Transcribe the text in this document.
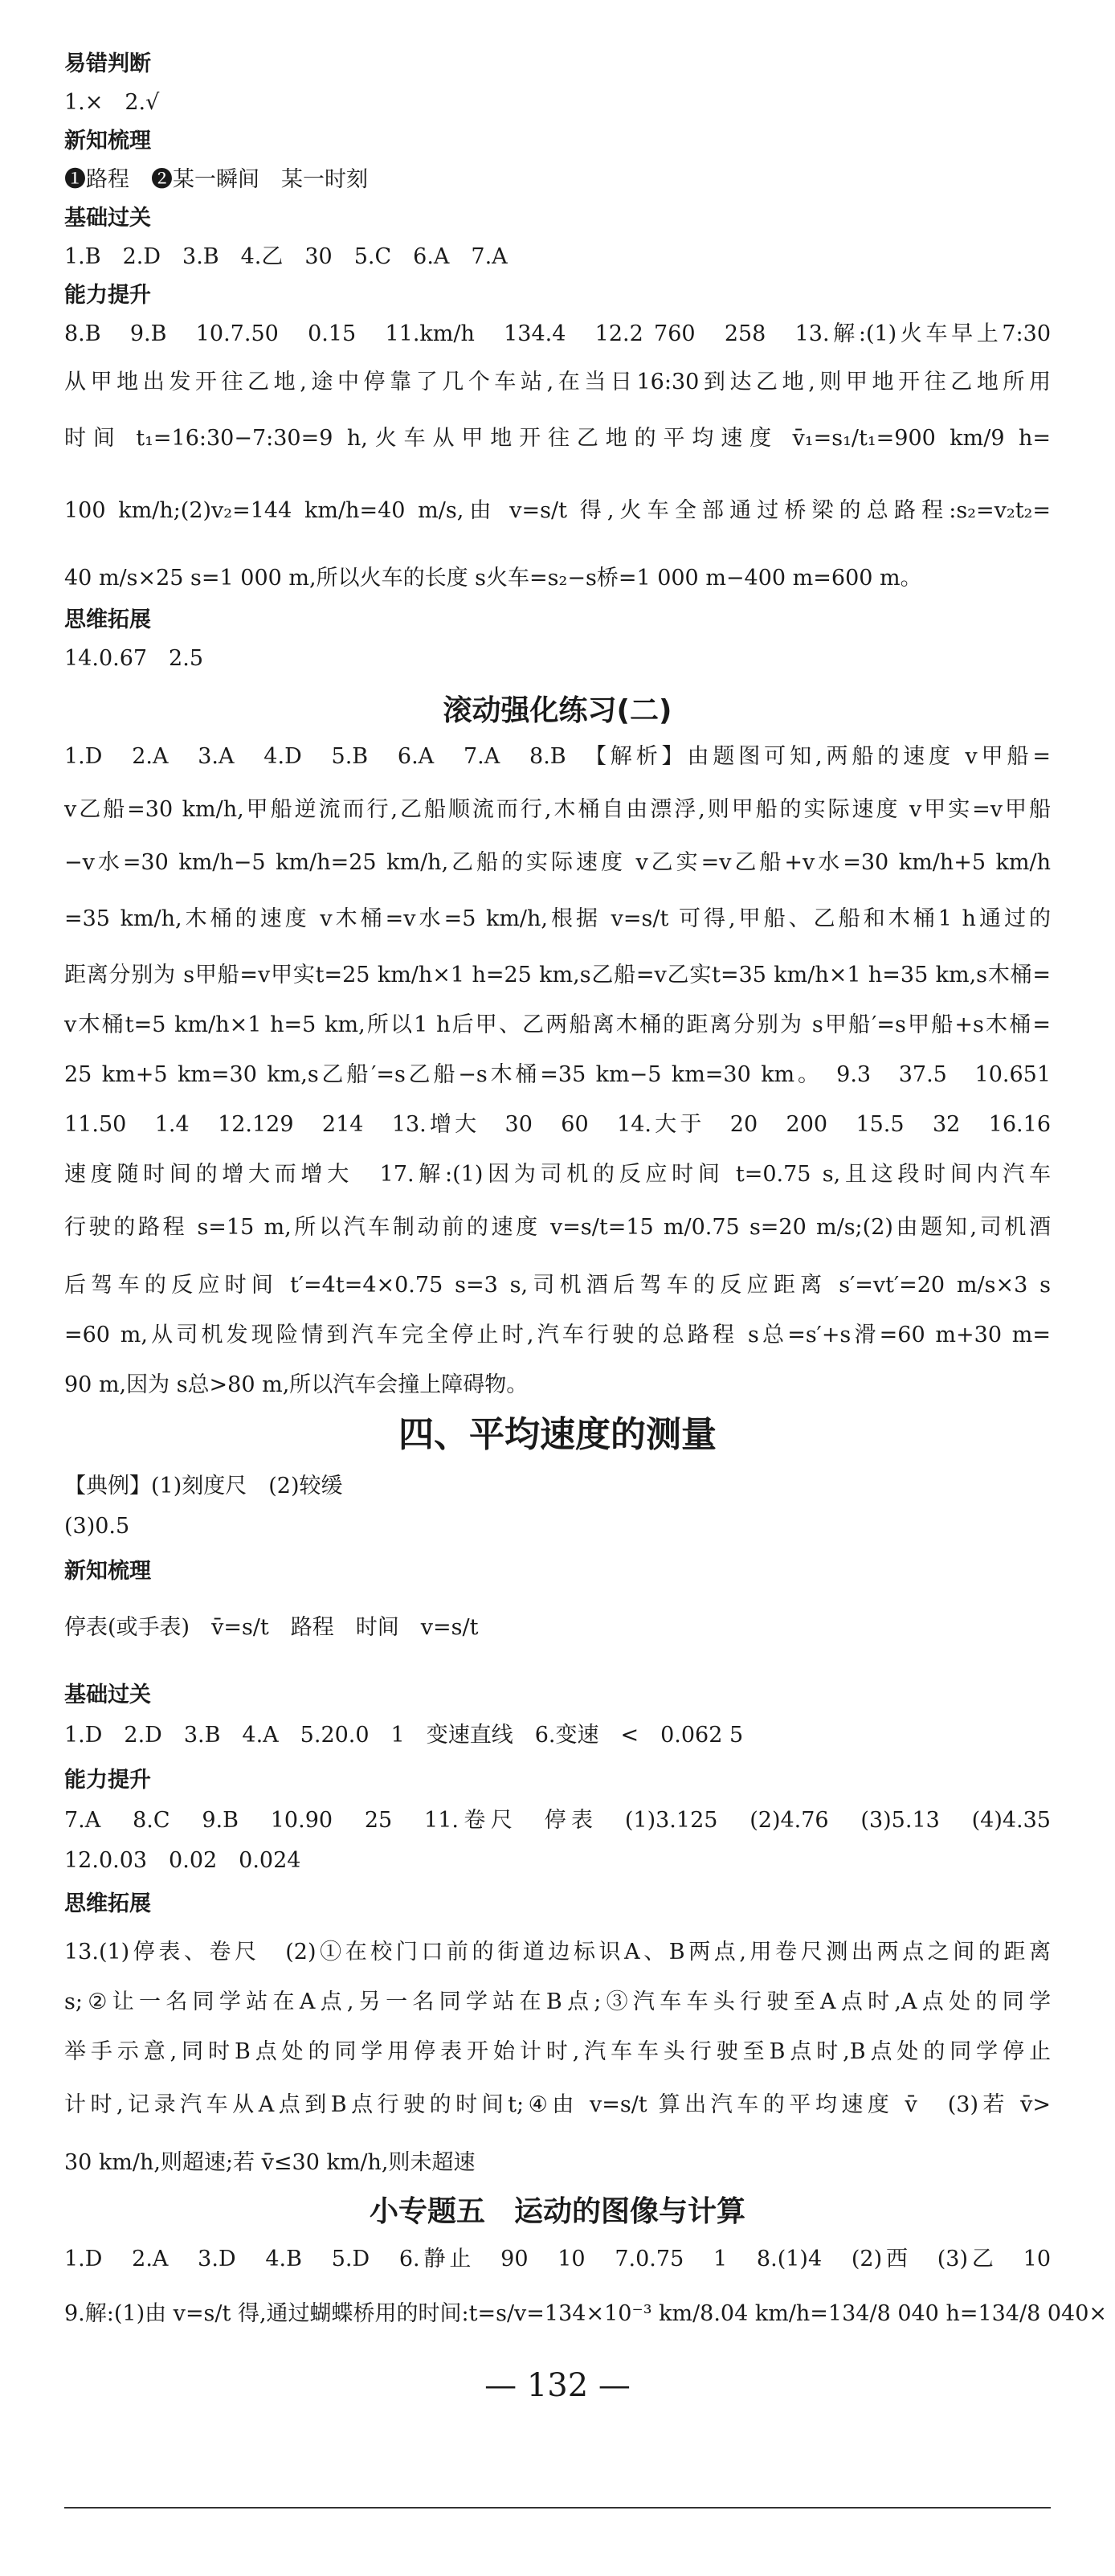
易错判断
1.×　2.√
新知梳理
❶路程　❷某一瞬间　某一时刻
基础过关
1.B　2.D　3.B　4.乙　30　5.C　6.A　7.A
能力提升
8.B　9.B　10.7.50　0.15　11.km/h　134.4　12.2 760　258　13.解:(1)火车早上7:30
从甲地出发开往乙地,途中停靠了几个车站,在当日16:30到达乙地,则甲地开往乙地所用
时间 t₁=16:30−7:30=9 h,火车从甲地开往乙地的平均速度 v̄₁=s₁/t₁=900 km/9 h=
100 km/h;(2)v₂=144 km/h=40 m/s,由 v=s/t 得,火车全部通过桥梁的总路程:s₂=v₂t₂=
40 m/s×25 s=1 000 m,所以火车的长度 s火车=s₂−s桥=1 000 m−400 m=600 m。
思维拓展
14.0.67　2.5
滚动强化练习(二)
1.D　2.A　3.A　4.D　5.B　6.A　7.A　8.B　【解析】由题图可知,两船的速度 v甲船=
v乙船=30 km/h,甲船逆流而行,乙船顺流而行,木桶自由漂浮,则甲船的实际速度 v甲实=v甲船
−v水=30 km/h−5 km/h=25 km/h,乙船的实际速度 v乙实=v乙船+v水=30 km/h+5 km/h
=35 km/h,木桶的速度 v木桶=v水=5 km/h,根据 v=s/t 可得,甲船、乙船和木桶1 h通过的
距离分别为 s甲船=v甲实t=25 km/h×1 h=25 km,s乙船=v乙实t=35 km/h×1 h=35 km,s木桶=
v木桶t=5 km/h×1 h=5 km,所以1 h后甲、乙两船离木桶的距离分别为 s甲船′=s甲船+s木桶=
25 km+5 km=30 km,s乙船′=s乙船−s木桶=35 km−5 km=30 km。　9.3　37.5　10.651
11.50　1.4　12.129　214　13.增大　30　60　14.大于　20　200　15.5　32　16.16
速度随时间的增大而增大　17.解:(1)因为司机的反应时间 t=0.75 s,且这段时间内汽车
行驶的路程 s=15 m,所以汽车制动前的速度 v=s/t=15 m/0.75 s=20 m/s;(2)由题知,司机酒
后驾车的反应时间 t′=4t=4×0.75 s=3 s,司机酒后驾车的反应距离 s′=vt′=20 m/s×3 s
=60 m,从司机发现险情到汽车完全停止时,汽车行驶的总路程 s总=s′+s滑=60 m+30 m=
90 m,因为 s总>80 m,所以汽车会撞上障碍物。
四、平均速度的测量
【典例】(1)刻度尺　(2)较缓
(3)0.5
新知梳理
停表(或手表)　v̄=s/t　路程　时间　v=s/t
基础过关
1.D　2.D　3.B　4.A　5.20.0　1　变速直线　6.变速　<　0.062 5
能力提升
7.A　8.C　9.B　10.90　25　11.卷尺　停表　(1)3.125　(2)4.76　(3)5.13　(4)4.35
12.0.03　0.02　0.024
思维拓展
13.(1)停表、卷尺　(2)①在校门口前的街道边标识A、B两点,用卷尺测出两点之间的距离
s;②让一名同学站在A点,另一名同学站在B点;③汽车车头行驶至A点时,A点处的同学
举手示意,同时B点处的同学用停表开始计时,汽车车头行驶至B点时,B点处的同学停止
计时,记录汽车从A点到B点行驶的时间t;④由 v=s/t 算出汽车的平均速度 v̄　(3)若 v̄>
30 km/h,则超速;若 v̄≤30 km/h,则未超速
小专题五　运动的图像与计算
1.D　2.A　3.D　4.B　5.D　6.静止　90　10　7.0.75　1　8.(1)4　(2)西　(3)乙　10
9.解:(1)由 v=s/t 得,通过蝴蝶桥用的时间:t=s/v=134×10⁻³ km/8.04 km/h=134/8 040 h=134/8 040×
— 132 —
